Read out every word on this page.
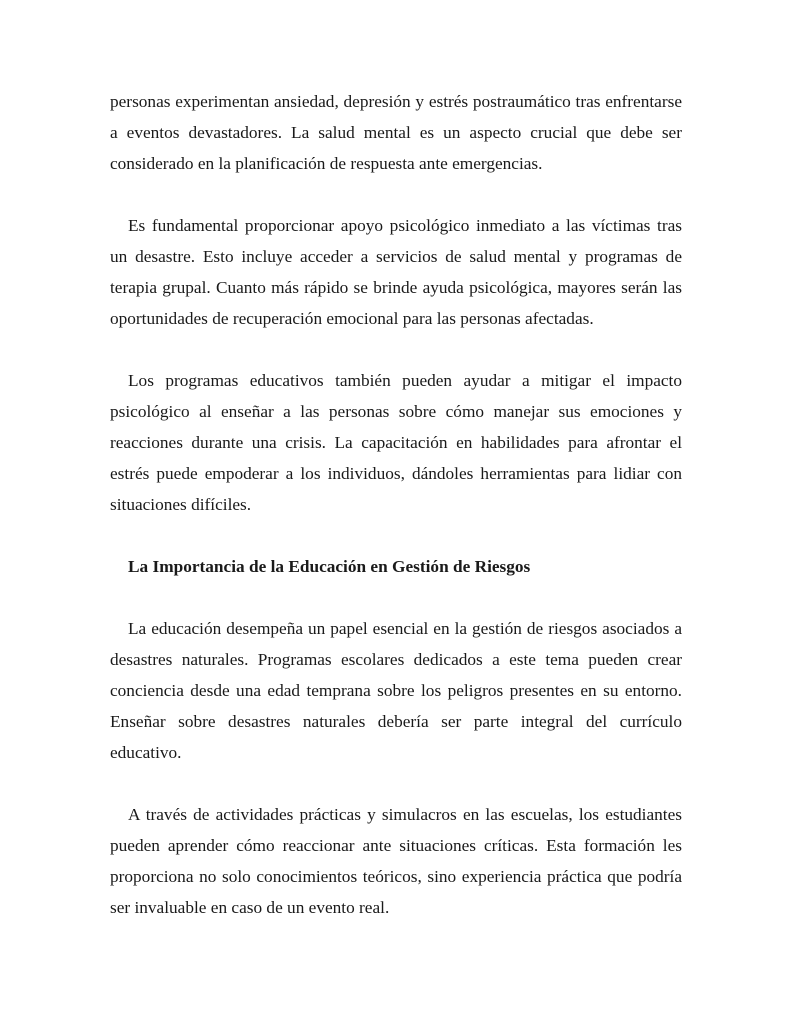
personas experimentan ansiedad, depresión y estrés postraumático tras enfrentarse a eventos devastadores. La salud mental es un aspecto crucial que debe ser considerado en la planificación de respuesta ante emergencias.

Es fundamental proporcionar apoyo psicológico inmediato a las víctimas tras un desastre. Esto incluye acceder a servicios de salud mental y programas de terapia grupal. Cuanto más rápido se brinde ayuda psicológica, mayores serán las oportunidades de recuperación emocional para las personas afectadas.

Los programas educativos también pueden ayudar a mitigar el impacto psicológico al enseñar a las personas sobre cómo manejar sus emociones y reacciones durante una crisis. La capacitación en habilidades para afrontar el estrés puede empoderar a los individuos, dándoles herramientas para lidiar con situaciones difíciles.

La Importancia de la Educación en Gestión de Riesgos

La educación desempeña un papel esencial en la gestión de riesgos asociados a desastres naturales. Programas escolares dedicados a este tema pueden crear conciencia desde una edad temprana sobre los peligros presentes en su entorno. Enseñar sobre desastres naturales debería ser parte integral del currículo educativo.

A través de actividades prácticas y simulacros en las escuelas, los estudiantes pueden aprender cómo reaccionar ante situaciones críticas. Esta formación les proporciona no solo conocimientos teóricos, sino experiencia práctica que podría ser invaluable en caso de un evento real.
